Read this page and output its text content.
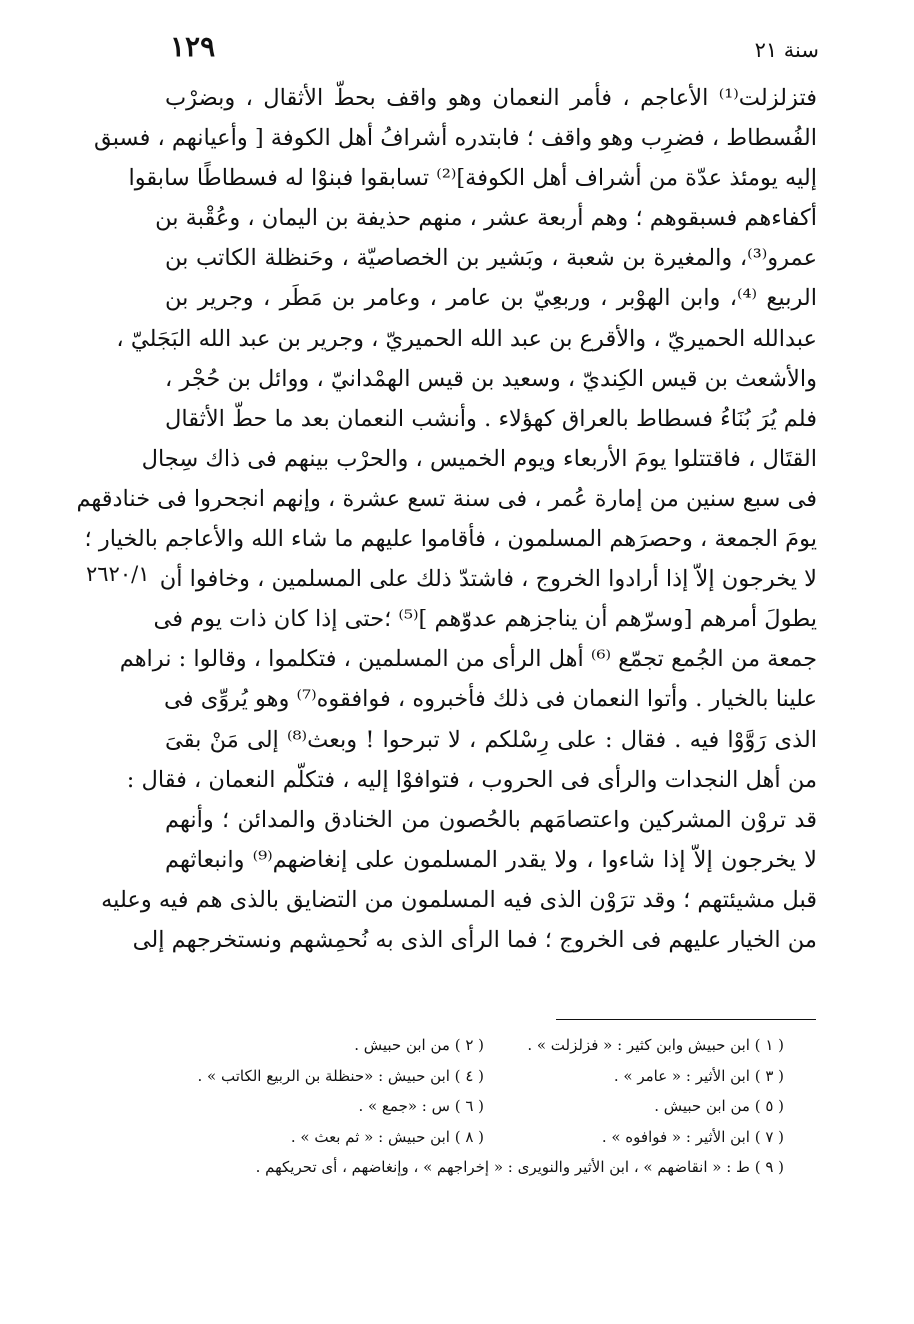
سنة ٢١
١٢٩
٢٦٢٠/١
فتزلزلت⁽¹⁾ الأعاجم ، فأمر النعمان وهو واقف بحطّ الأثقال ، وبضرْب
الفُسطاط ، فضرِب وهو واقف ؛ فابتدره أشرافُ أهل الكوفة [ وأعيانهم ، فسبق
إليه يومئذ عدّة من أشراف أهل الكوفة]⁽²⁾ تسابقوا فبنوْا له فسطاطًا سابقوا
أكفاءهم فسبقوهم ؛ وهم أربعة عشر ، منهم حذيفة بن اليمان ، وعُقْبة بن
عمرو⁽³⁾، والمغيرة بن شعبة ، وبَشير بن الخصاصيّة ، وحَنظلة الكاتب بن
الربيع ⁽⁴⁾، وابن الهوْبر ، وربعِيّ بن عامر ، وعامر بن مَطَر ، وجرير بن
عبدالله الحميريّ ، والأقرع بن عبد الله الحميريّ ، وجرير بن عبد الله البَجَليّ ،
والأشعث بن قيس الكِنديّ ، وسعيد بن قيس الهمْدانيّ ، ووائل بن حُجْر ،
فلم يُرَ بُنَاءُ فسطاط بالعراق كهؤلاء . وأنشب النعمان بعد ما حطّ الأثقال
القتَال ، فاقتتلوا يومَ الأربعاء ويوم الخميس ، والحرْب بينهم فى ذاك سِجال
فى سبع سنين من إمارة عُمر ، فى سنة تسع عشرة ، وإنهم انجحروا فى خنادقهم
يومَ الجمعة ، وحصرَهم المسلمون ، فأقاموا عليهم ما شاء الله والأعاجم بالخيار ؛
لا يخرجون إلاّ إذا أرادوا الخروج ، فاشتدّ ذلك على المسلمين ، وخافوا أن
يطولَ أمرهم [وسرّهم أن يناجزهم عدوّهم ]⁽⁵⁾ ؛حتى إذا كان ذات يوم فى
جمعة من الجُمع تجمّع ⁽⁶⁾ أهل الرأى من المسلمين ، فتكلموا ، وقالوا : نراهم
علينا بالخيار . وأتوا النعمان فى ذلك فأخبروه ، فوافقوه⁽⁷⁾ وهو يُروِّى فى
الذى رَوَّوْا فيه . فقال : على رِسْلكم ، لا تبرحوا ! وبعث⁽⁸⁾ إلى مَنْ بقىَ
من أهل النجدات والرأى فى الحروب ، فتوافوْا إليه ، فتكلّم النعمان ، فقال :
قد تروْن المشركين واعتصامَهم بالحُصون من الخنادق والمدائن ؛ وأنهم
لا يخرجون إلاّ إذا شاءوا ، ولا يقدر المسلمون على إنغاضهم⁽⁹⁾ وانبعاثهم
قبل مشيئتهم ؛ وقد ترَوْن الذى فيه المسلمون من التضايق بالذى هم فيه وعليه
من الخيار عليهم فى الخروج ؛ فما الرأى الذى به نُحمِشهم ونستخرجهم إلى
( ١ ) ابن حبيش وابن كثير : « فزلزلت » .
( ٢ ) من ابن حبيش .
( ٣ ) ابن الأثير : « عامر » .
( ٤ ) ابن حبيش : «حنظلة بن الربيع الكاتب » .
( ٥ ) من ابن حبيش .
( ٦ ) س : «جمع » .
( ٧ ) ابن الأثير : « فوافوه » .
( ٨ ) ابن حبيش : « ثم بعث » .
( ٩ ) ط : « انقاضهم » ، ابن الأثير والنويرى : « إخراجهم » ، وإنغاضهم ، أى تحريكهم .
